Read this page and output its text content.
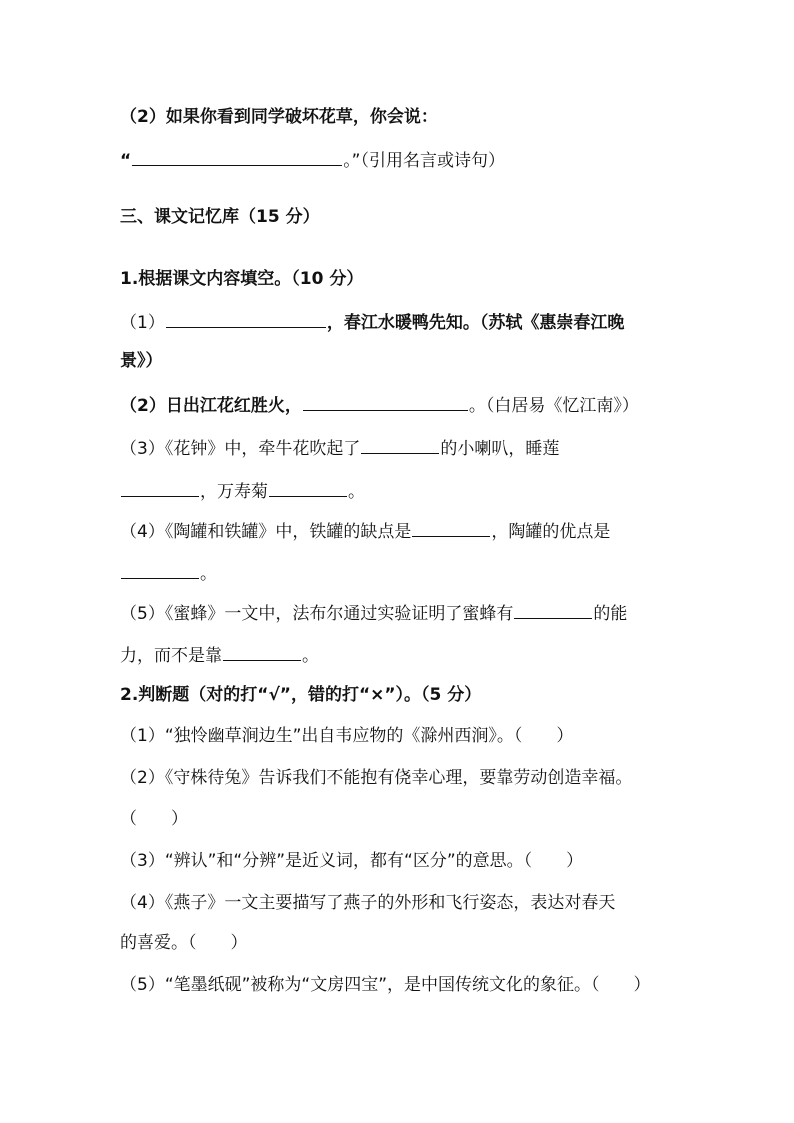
（2）如果你看到同学破坏花草，你会说：
“	。”（引用名言或诗句）
三、课文记忆库（15 分）
1.根据课文内容填空。（10 分）
（1）	，春江水暖鸭先知。（苏轼《惠崇春江晚
景》）
（2）日出江花红胜火，	。（白居易《忆江南》）
（3）《花钟》中，牵牛花吹起了	的小喇叭，睡莲
，万寿菊	。
（4）《陶罐和铁罐》中，铁罐的缺点是	，陶罐的优点是
。
（5）《蜜蜂》一文中，法布尔通过实验证明了蜜蜂有	的能
力，而不是靠	。
2.判断题（对的打“√”，错的打“×”）。（5 分）
（1）“独怜幽草涧边生”出自韦应物的《滁州西涧》。（　　）
（2）《守株待兔》告诉我们不能抱有侥幸心理，要靠劳动创造幸福。
（　　）
（3）“辨认”和“分辨”是近义词，都有“区分”的意思。（　　）
（4）《燕子》一文主要描写了燕子的外形和飞行姿态，表达对春天
的喜爱。（　　）
（5）“笔墨纸砚”被称为“文房四宝”，是中国传统文化的象征。（　　）
